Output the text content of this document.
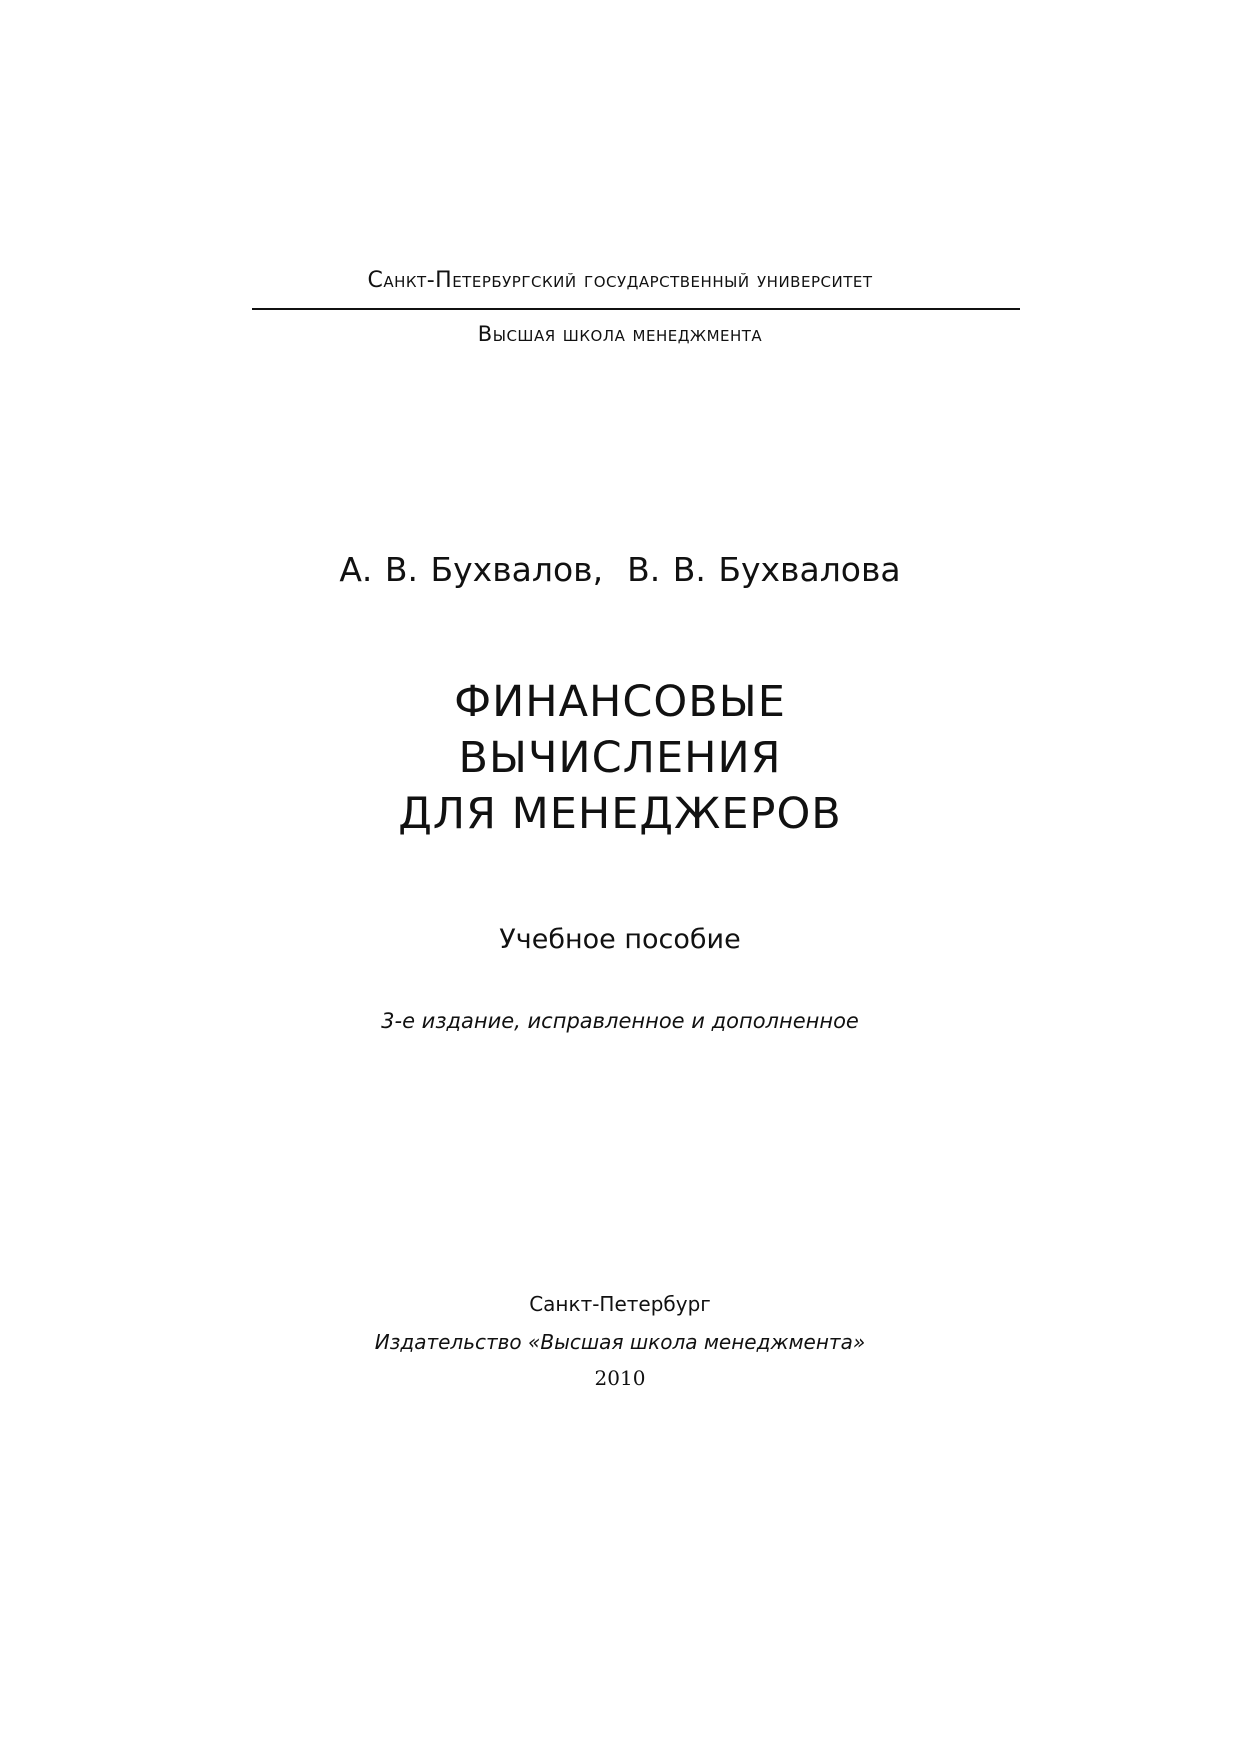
Санкт-Петербургский государственный университет
Высшая школа менеджмента
А. В. Бухвалов, В. В. Бухвалова
ФИНАНСОВЫЕ
ВЫЧИСЛЕНИЯ
ДЛЯ МЕНЕДЖЕРОВ
Учебное пособие
3-е издание, исправленное и дополненное
Санкт-Петербург
Издательство «Высшая школа менеджмента»
2010
